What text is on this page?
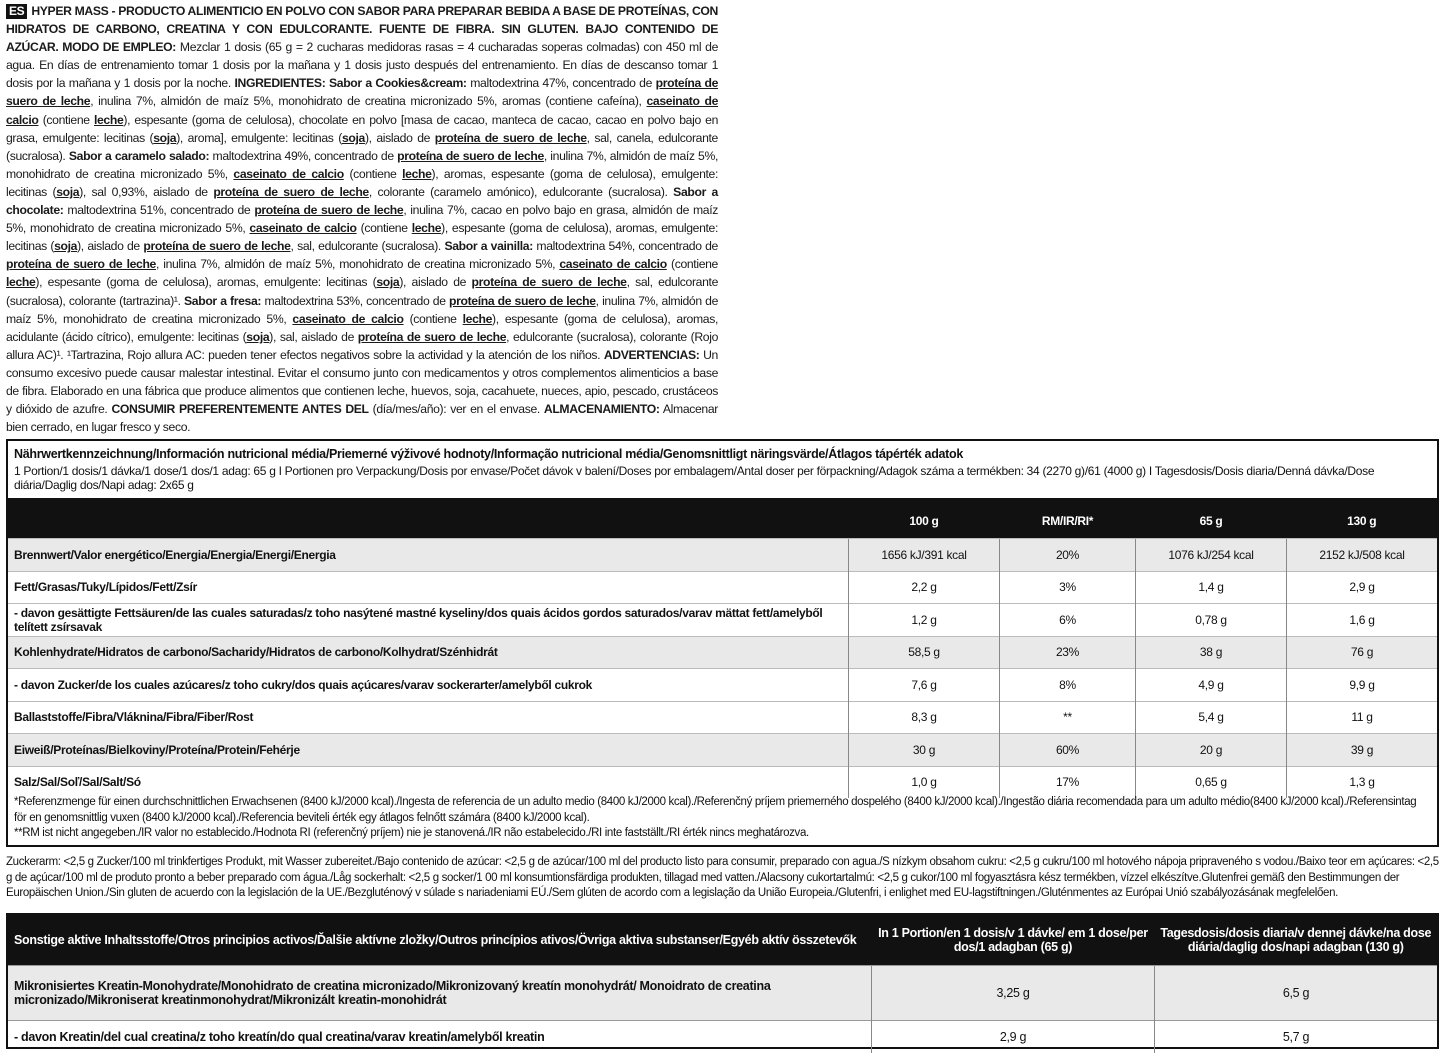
ES HYPER MASS - PRODUCTO ALIMENTICIO EN POLVO CON SABOR PARA PREPARAR BEBIDA A BASE DE PROTEÍNAS, CON HIDRATOS DE CARBONO, CREATINA Y CON EDULCORANTE. FUENTE DE FIBRA. SIN GLUTEN. BAJO CONTENIDO DE AZÚCAR. MODO DE EMPLEO: Mezclar 1 dosis (65 g = 2 cucharas medidoras rasas = 4 cucharadas soperas colmadas) con 450 ml de agua. En días de entrenamiento tomar 1 dosis por la mañana y 1 dosis justo después del entrenamiento. En días de descanso tomar 1 dosis por la mañana y 1 dosis por la noche. INGREDIENTES: Sabor a Cookies&cream: maltodextrina 47%, concentrado de proteína de suero de leche, inulina 7%, almidón de maíz 5%, monohidrato de creatina micronizado 5%, aromas (contiene cafeína), caseinato de calcio (contiene leche), espesante (goma de celulosa), chocolate en polvo [masa de cacao, manteca de cacao, cacao en polvo bajo en grasa, emulgente: lecitinas (soja), aroma], emulgente: lecitinas (soja), aislado de proteína de suero de leche, sal, canela, edulcorante (sucralosa). Sabor a caramelo salado: maltodextrina 49%, concentrado de proteína de suero de leche, inulina 7%, almidón de maíz 5%, monohidrato de creatina micronizado 5%, caseinato de calcio (contiene leche), aromas, espesante (goma de celulosa), emulgente: lecitinas (soja), sal 0,93%, aislado de proteína de suero de leche, colorante (caramelo amónico), edulcorante (sucralosa). Sabor a chocolate: maltodextrina 51%, concentrado de proteína de suero de leche, inulina 7%, cacao en polvo bajo en grasa, almidón de maíz 5%, monohidrato de creatina micronizado 5%, caseinato de calcio (contiene leche), espesante (goma de celulosa), aromas, emulgente: lecitinas (soja), aislado de proteína de suero de leche, sal, edulcorante (sucralosa). Sabor a vainilla: maltodextrina 54%, concentrado de proteína de suero de leche, inulina 7%, almidón de maíz 5%, monohidrato de creatina micronizado 5%, caseinato de calcio (contiene leche), espesante (goma de celulosa), aromas, emulgente: lecitinas (soja), aislado de proteína de suero de leche, sal, edulcorante (sucralosa), colorante (tartrazina)¹. Sabor a fresa: maltodextrina 53%, concentrado de proteína de suero de leche, inulina 7%, almidón de maíz 5%, monohidrato de creatina micronizado 5%, caseinato de calcio (contiene leche), espesante (goma de celulosa), aromas, acidulante (ácido cítrico), emulgente: lecitinas (soja), sal, aislado de proteína de suero de leche, edulcorante (sucralosa), colorante (Rojo allura AC)¹. ¹Tartrazina, Rojo allura AC: pueden tener efectos negativos sobre la actividad y la atención de los niños. ADVERTENCIAS: Un consumo excesivo puede causar malestar intestinal. Evitar el consumo junto con medicamentos y otros complementos alimenticios a base de fibra. Elaborado en una fábrica que produce alimentos que contienen leche, huevos, soja, cacahuete, nueces, apio, pescado, crustáceos y dióxido de azufre. CONSUMIR PREFERENTEMENTE ANTES DEL (día/mes/año): ver en el envase. ALMACENAMIENTO: Almacenar bien cerrado, en lugar fresco y seco.
Nährwertkennzeichnung/Información nutricional média/Priemerné výživové hodnoty/Informação nutricional média/Genomsnittligt näringsvärde/Átlagos tápérték adatok
1 Portion/1 dosis/1 dávka/1 dose/1 dos/1 adag: 65 g I Portionen pro Verpackung/Dosis por envase/Počet dávok v balení/Doses por embalagem/Antal doser per förpackning/Adagok száma a termékben: 34 (2270 g)/61 (4000 g) I Tagesdosis/Dosis diaria/Denná dávka/Dose diária/Daglig dos/Napi adag: 2x65 g
	100 g	RM/IR/RI*	65 g	130 g
Brennwert/Valor energético/Energia/Energia/Energi/Energia	1656 kJ/391 kcal	20%	1076 kJ/254 kcal	2152 kJ/508 kcal
Fett/Grasas/Tuky/Lípidos/Fett/Zsír	2,2 g	3%	1,4 g	2,9 g
- davon gesättigte Fettsäuren/de las cuales saturadas/z toho nasýtené mastné kyseliny/dos quais ácidos gordos saturados/varav mättat fett/amelyből telített zsírsavak	1,2 g	6%	0,78 g	1,6 g
Kohlenhydrate/Hidratos de carbono/Sacharidy/Hidratos de carbono/Kolhydrat/Szénhidrát	58,5 g	23%	38 g	76 g
- davon Zucker/de los cuales azúcares/z toho cukry/dos quais açúcares/varav sockerarter/amelyből cukrok	7,6 g	8%	4,9 g	9,9 g
Ballaststoffe/Fibra/Vláknina/Fibra/Fiber/Rost	8,3 g	**	5,4 g	11 g
Eiweiß/Proteínas/Bielkoviny/Proteína/Protein/Fehérje	30 g	60%	20 g	39 g
Salz/Sal/Soľ/Sal/Salt/Só	1,0 g	17%	0,65 g	1,3 g
*Referenzmenge für einen durchschnittlichen Erwachsenen (8400 kJ/2000 kcal)./Ingesta de referencia de un adulto medio (8400 kJ/2000 kcal)./Referenčný príjem priemerného dospelého (8400 kJ/2000 kcal)./Ingestão diária recomendada para um adulto médio(8400 kJ/2000 kcal)./Referensintag för en genomsnittlig vuxen (8400 kJ/2000 kcal)./Referencia beviteli érték egy átlagos felnőtt számára (8400 kJ/2000 kcal).
**RM ist nicht angegeben./IR valor no establecido./Hodnota RI (referenčný príjem) nie je stanovená./IR não estabelecido./RI inte fastställt./RI érték nincs meghatározva.
Zuckerarm: <2,5 g Zucker/100 ml trinkfertiges Produkt, mit Wasser zubereitet./Bajo contenido de azúcar: <2,5 g de azúcar/100 ml del producto listo para consumir, preparado con agua./S nízkym obsahom cukru: <2,5 g cukru/100 ml hotového nápoja pripraveného s vodou./Baixo teor em açúcares: <2,5 g de açúcar/100 ml de produto pronto a beber preparado com água./Låg sockerhalt: <2,5 g socker/1 00 ml konsumtionsfärdiga produkten, tillagad med vatten./Alacsony cukortartalmú: <2,5 g cukor/100 ml fogyasztásra kész termékben, vízzel elkészítve.Glutenfrei gemäß den Bestimmungen der Europäischen Union./Sin gluten de acuerdo con la legislación de la UE./Bezgluténový v súlade s nariadeniami EÚ./Sem glúten de acordo com a legislação da União Europeia./Glutenfri, i enlighet med EU-lagstiftningen./Gluténmentes az Európai Unió szabályozásának megfelelően.
Sonstige aktive Inhaltsstoffe/Otros principios activos/Ďalšie aktívne zložky/Outros princípios ativos/Övriga aktiva substanser/Egyéb aktív összetevők	In 1 Portion/en 1 dosis/v 1 dávke/ em 1 dose/per dos/1 adagban (65 g)	Tagesdosis/dosis diaria/v dennej dávke/na dose diária/daglig dos/napi adagban (130 g)
Mikronisiertes Kreatin-Monohydrate/Monohidrato de creatina micronizado/Mikronizovaný kreatín monohydrát/ Monoidrato de creatina micronizado/Mikroniserat kreatinmonohydrat/Mikronizált kreatin-monohidrát	3,25 g	6,5 g
- davon Kreatin/del cual creatina/z toho kreatín/do qual creatina/varav kreatin/amelyből kreatin	2,9 g	5,7 g
